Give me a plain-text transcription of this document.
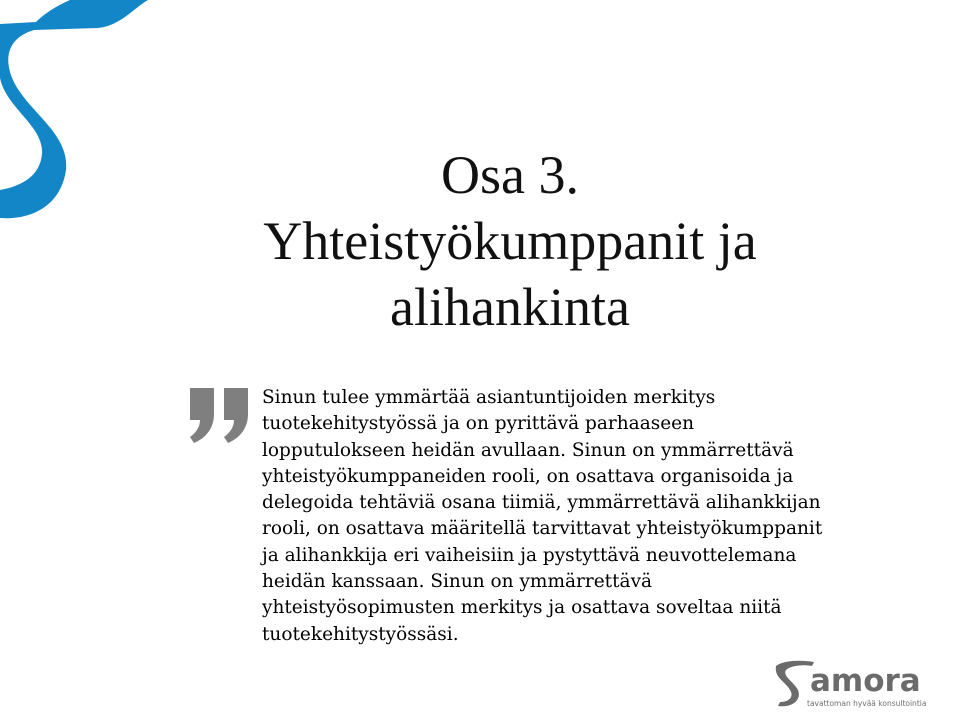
Osa 3.
Yhteistyökumppanit ja
alihankinta

Sinun tulee ymmärtää asiantuntijoiden merkitys
tuotekehitystyössä ja on pyrittävä parhaaseen
lopputulokseen heidän avullaan. Sinun on ymmärrettävä
yhteistyökumppaneiden rooli, on osattava organisoida ja
delegoida tehtäviä osana tiimiä, ymmärrettävä alihankkijan
rooli, on osattava määritellä tarvittavat yhteistyökumppanit
ja alihankkija eri vaiheisiin ja pystyttävä neuvottelemana
heidän kanssaan. Sinun on ymmärrettävä
yhteistyösopimusten merkitys ja osattava soveltaa niitä
tuotekehitystyössäsi.

amora
tavattoman hyvää konsultointia
